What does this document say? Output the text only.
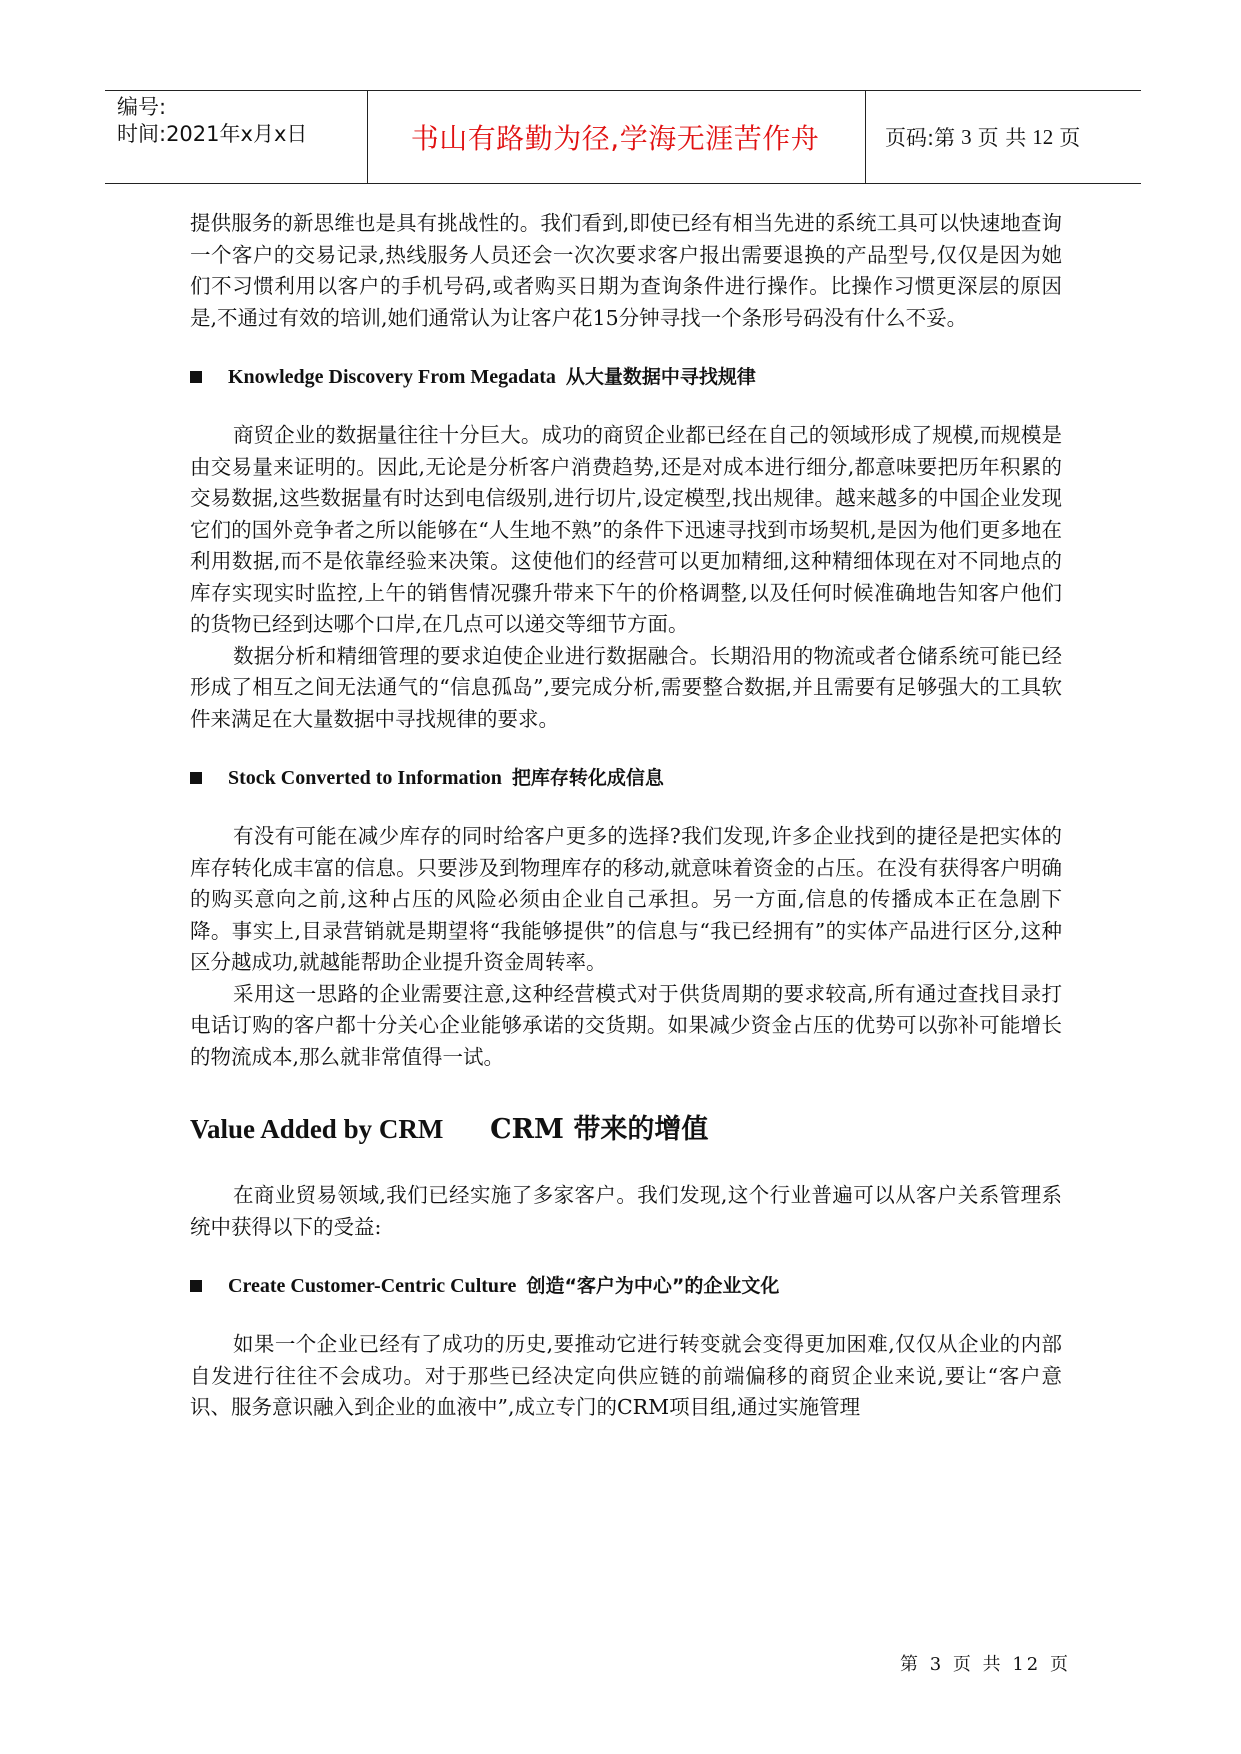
编号:
时间:2021年x月x日	书山有路勤为径,学海无涯苦作舟	页码:第 3 页 共 12 页

提供服务的新思维也是具有挑战性的。我们看到,即使已经有相当先进的系统工具可以快速地查询一个客户的交易记录,热线服务人员还会一次次要求客户报出需要退换的产品型号,仅仅是因为她们不习惯利用以客户的手机号码,或者购买日期为查询条件进行操作。比操作习惯更深层的原因是,不通过有效的培训,她们通常认为让客户花15分钟寻找一个条形号码没有什么不妥。

Knowledge Discovery From Megadata 从大量数据中寻找规律

商贸企业的数据量往往十分巨大。成功的商贸企业都已经在自己的领域形成了规模,而规模是由交易量来证明的。因此,无论是分析客户消费趋势,还是对成本进行细分,都意味要把历年积累的交易数据,这些数据量有时达到电信级别,进行切片,设定模型,找出规律。越来越多的中国企业发现它们的国外竞争者之所以能够在“人生地不熟”的条件下迅速寻找到市场契机,是因为他们更多地在利用数据,而不是依靠经验来决策。这使他们的经营可以更加精细,这种精细体现在对不同地点的库存实现实时监控,上午的销售情况骤升带来下午的价格调整,以及任何时候准确地告知客户他们的货物已经到达哪个口岸,在几点可以递交等细节方面。

数据分析和精细管理的要求迫使企业进行数据融合。长期沿用的物流或者仓储系统可能已经形成了相互之间无法通气的“信息孤岛”,要完成分析,需要整合数据,并且需要有足够强大的工具软件来满足在大量数据中寻找规律的要求。

Stock Converted to Information 把库存转化成信息

有没有可能在减少库存的同时给客户更多的选择?我们发现,许多企业找到的捷径是把实体的库存转化成丰富的信息。只要涉及到物理库存的移动,就意味着资金的占压。在没有获得客户明确的购买意向之前,这种占压的风险必须由企业自己承担。另一方面,信息的传播成本正在急剧下降。事实上,目录营销就是期望将“我能够提供”的信息与“我已经拥有”的实体产品进行区分,这种区分越成功,就越能帮助企业提升资金周转率。

采用这一思路的企业需要注意,这种经营模式对于供货周期的要求较高,所有通过查找目录打电话订购的客户都十分关心企业能够承诺的交货期。如果减少资金占压的优势可以弥补可能增长的物流成本,那么就非常值得一试。

Value Added by CRM CRM 带来的增值

在商业贸易领域,我们已经实施了多家客户。我们发现,这个行业普遍可以从客户关系管理系统中获得以下的受益:

Create Customer-Centric Culture 创造“客户为中心”的企业文化

如果一个企业已经有了成功的历史,要推动它进行转变就会变得更加困难,仅仅从企业的内部自发进行往往不会成功。对于那些已经决定向供应链的前端偏移的商贸企业来说,要让“客户意识、服务意识融入到企业的血液中”,成立专门的CRM项目组,通过实施管理

第 3 页 共 12 页
